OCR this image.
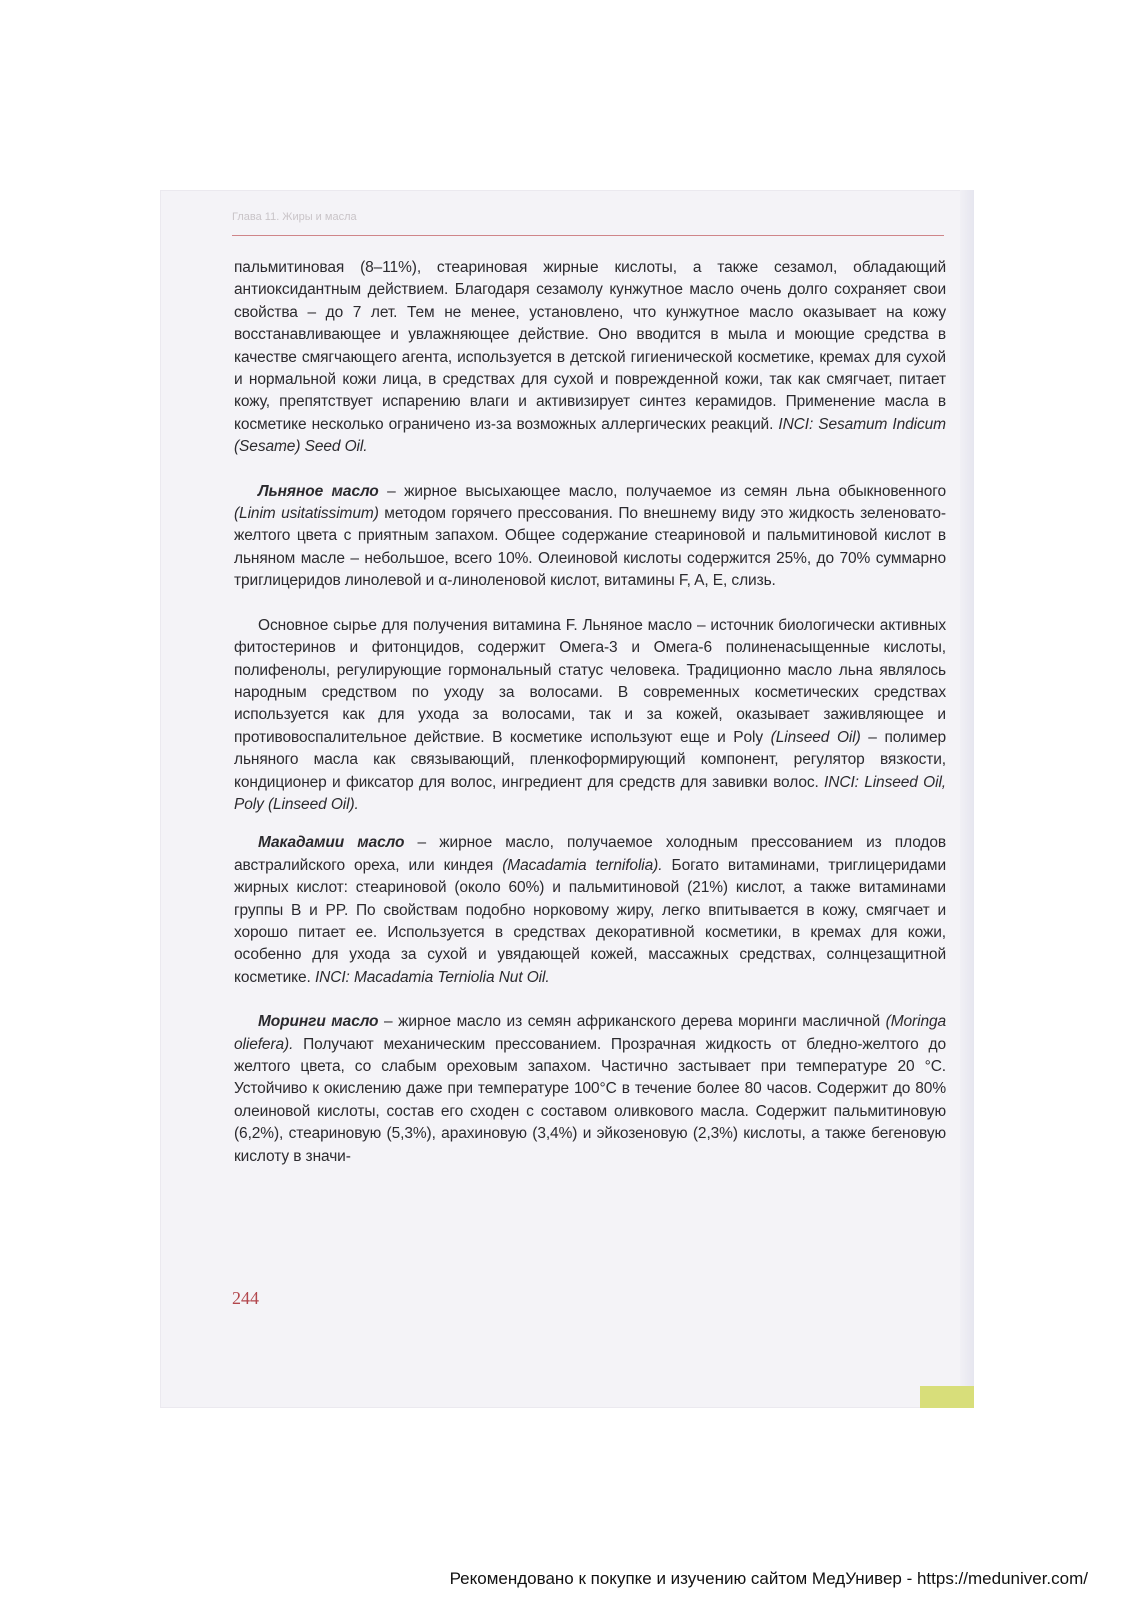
Глава 11. Жиры и масла

пальмитиновая (8–11%), стеариновая жирные кислоты, а также сезамол, обладающий антиоксидантным действием. Благодаря сезамолу кунжутное масло очень долго сохраняет свои свойства – до 7 лет. Тем не менее, установлено, что кунжутное масло оказывает на кожу восстанавливающее и увлажняющее действие. Оно вводится в мыла и моющие средства в качестве смягчающего агента, используется в детской гигиенической косметике, кремах для сухой и нормальной кожи лица, в средствах для сухой и поврежденной кожи, так как смягчает, питает кожу, препятствует испарению влаги и активизирует синтез керамидов. Применение масла в косметике несколько ограничено из-за возможных аллергических реакций. INCI: Sesamum Indicum (Sesame) Seed Oil.

Льняное масло – жирное высыхающее масло, получаемое из семян льна обыкновенного (Linim usitatissimum) методом горячего прессования. По внешнему виду это жидкость зеленовато-желтого цвета с приятным запахом. Общее содержание стеариновой и пальмитиновой кислот в льняном масле – небольшое, всего 10%. Олеиновой кислоты содержится 25%, до 70% суммарно триглицеридов линолевой и α-линоленовой кислот, витамины F, A, E, слизь.

Основное сырье для получения витамина F. Льняное масло – источник биологически активных фитостеринов и фитонцидов, содержит Омега-3 и Омега-6 полиненасыщенные кислоты, полифенолы, регулирующие гормональный статус человека. Традиционно масло льна являлось народным средством по уходу за волосами. В современных косметических средствах используется как для ухода за волосами, так и за кожей, оказывает заживляющее и противовоспалительное действие. В косметике используют еще и Poly (Linseed Oil) – полимер льняного масла как связывающий, пленкоформирующий компонент, регулятор вязкости, кондиционер и фиксатор для волос, ингредиент для средств для завивки волос. INCI: Linseed Oil, Poly (Linseed Oil).

Макадамии масло – жирное масло, получаемое холодным прессованием из плодов австралийского ореха, или киндея (Macadamia ternifolia). Богато витаминами, триглицеридами жирных кислот: стеариновой (около 60%) и пальмитиновой (21%) кислот, а также витаминами группы B и PP. По свойствам подобно норковому жиру, легко впитывается в кожу, смягчает и хорошо питает ее. Используется в средствах декоративной косметики, в кремах для кожи, особенно для ухода за сухой и увядающей кожей, массажных средствах, солнцезащитной косметике. INCI: Macadamia Terniolia Nut Oil.

Моринги масло – жирное масло из семян африканского дерева моринги масличной (Moringa oliefera). Получают механическим прессованием. Прозрачная жидкость от бледно-желтого до желтого цвета, со слабым ореховым запахом. Частично застывает при температуре 20 °С. Устойчиво к окислению даже при температуре 100°С в течение более 80 часов. Содержит до 80% олеиновой кислоты, состав его сходен с составом оливкового масла. Содержит пальмитиновую (6,2%), стеариновую (5,3%), арахиновую (3,4%) и эйкозеновую (2,3%) кислоты, а также бегеновую кислоту в значи-

244
Рекомендовано к покупке и изучению сайтом МедУнивер - https://meduniver.com/
